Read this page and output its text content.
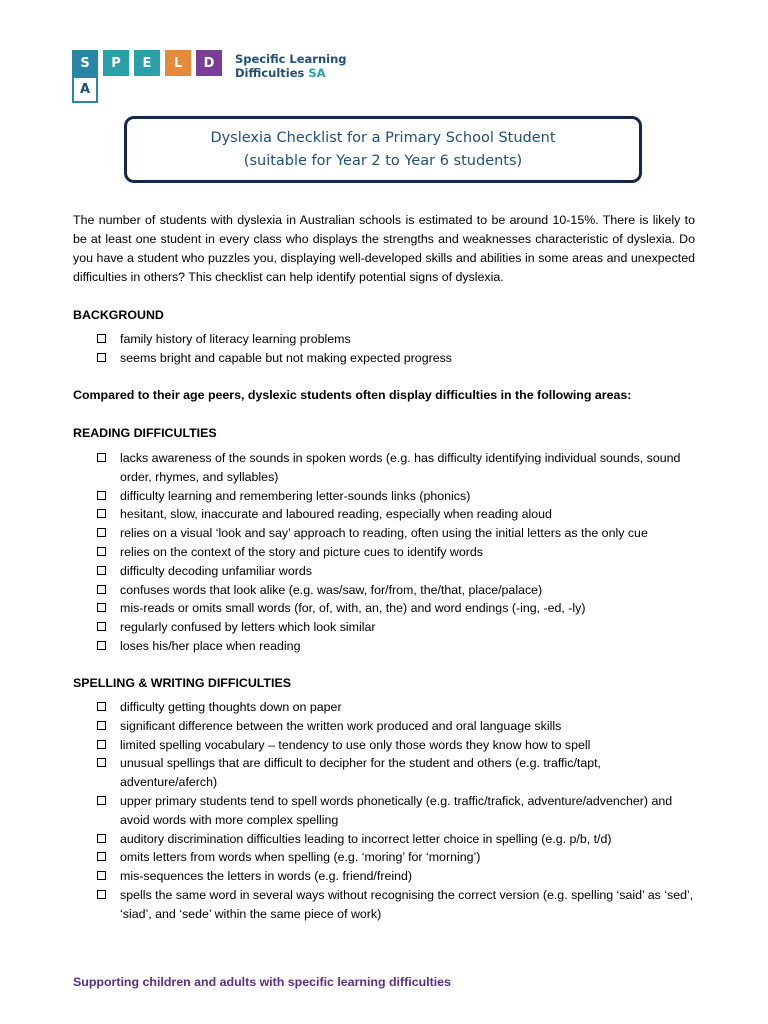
S	P	E	L	D
A
Specific Learning
Difficulties SA
Dyslexia Checklist for a Primary School Student
(suitable for Year 2 to Year 6 students)
The number of students with dyslexia in Australian schools is estimated to be around 10-15%. There is likely to be at least one student in every class who displays the strengths and weaknesses characteristic of dyslexia. Do you have a student who puzzles you, displaying well-developed skills and abilities in some areas and unexpected difficulties in others? This checklist can help identify potential signs of dyslexia.
BACKGROUND
family history of literacy learning problems
seems bright and capable but not making expected progress
Compared to their age peers, dyslexic students often display difficulties in the following areas:
READING DIFFICULTIES
lacks awareness of the sounds in spoken words (e.g. has difficulty identifying individual sounds, sound order, rhymes, and syllables)
difficulty learning and remembering letter-sounds links (phonics)
hesitant, slow, inaccurate and laboured reading, especially when reading aloud
relies on a visual ‘look and say’ approach to reading, often using the initial letters as the only cue
relies on the context of the story and picture cues to identify words
difficulty decoding unfamiliar words
confuses words that look alike (e.g. was/saw, for/from, the/that, place/palace)
mis-reads or omits small words (for, of, with, an, the) and word endings (-ing, -ed, -ly)
regularly confused by letters which look similar
loses his/her place when reading
SPELLING & WRITING DIFFICULTIES
difficulty getting thoughts down on paper
significant difference between the written work produced and oral language skills
limited spelling vocabulary – tendency to use only those words they know how to spell
unusual spellings that are difficult to decipher for the student and others (e.g. traffic/tapt, adventure/aferch)
upper primary students tend to spell words phonetically (e.g. traffic/trafick, adventure/advencher) and avoid words with more complex spelling
auditory discrimination difficulties leading to incorrect letter choice in spelling (e.g. p/b, t/d)
omits letters from words when spelling (e.g. ‘moring’ for ‘morning’)
mis-sequences the letters in words (e.g. friend/freind)
spells the same word in several ways without recognising the correct version (e.g. spelling ‘said’ as ‘sed’, ‘siad’, and ‘sede’ within the same piece of work)
Supporting children and adults with specific learning difficulties
